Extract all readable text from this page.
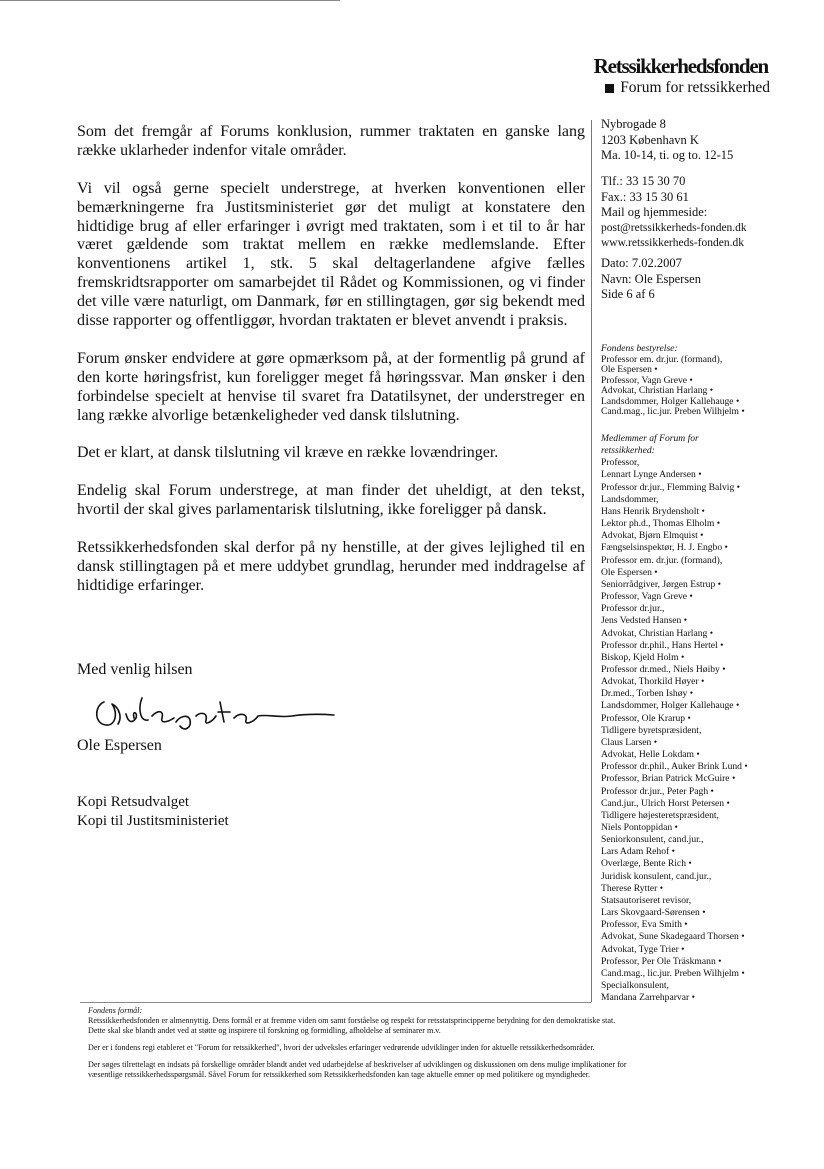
Retssikkerhedsfonden
Forum for retssikkerhed
Nybrogade 8
1203 København K
Ma. 10-14, ti. og to. 12-15
Tlf.: 33 15 30 70
Fax.: 33 15 30 61
Mail og hjemmeside:
post@retssikkerheds-fonden.dk
www.retssikkerheds-fonden.dk
Dato: 7.02.2007
Navn: Ole Espersen
Side 6 af 6
Fondens bestyrelse:
Professor em. dr.jur. (formand),
Ole Espersen •
Professor, Vagn Greve •
Advokat, Christian Harlang •
Landsdommer, Holger Kallehauge •
Cand.mag., lic.jur. Preben Wilhjelm •
Medlemmer af Forum for
retssikkerhed:
Professor,
Lennart Lynge Andersen •
Professor dr.jur., Flemming Balvig •
Landsdommer,
Hans Henrik Brydensholt •
Lektor ph.d., Thomas Elholm •
Advokat, Bjørn Elmquist •
Fængselsinspektør, H. J. Engbo •
Professor em. dr.jur. (formand),
Ole Espersen •
Seniorrådgiver, Jørgen Estrup •
Professor, Vagn Greve •
Professor dr.jur.,
Jens Vedsted Hansen •
Advokat, Christian Harlang •
Professor dr.phil., Hans Hertel •
Biskop, Kjeld Holm •
Professor dr.med., Niels Høiby •
Advokat, Thorkild Høyer •
Dr.med., Torben Ishøy •
Landsdommer, Holger Kallehauge •
Professor, Ole Krarup •
Tidligere byretspræsident,
Claus Larsen •
Advokat, Helle Lokdam •
Professor dr.phil., Auker Brink Lund •
Professor, Brian Patrick McGuire •
Professor dr.jur., Peter Pagh •
Cand.jur., Ulrich Horst Petersen •
Tidligere højesteretspræsident,
Niels Pontoppidan •
Seniorkonsulent, cand.jur.,
Lars Adam Rehof •
Overlæge, Bente Rich •
Juridisk konsulent, cand.jur.,
Therese Rytter •
Statsautoriseret revisor,
Lars Skovgaard-Sørensen •
Professor, Eva Smith •
Advokat, Sune Skadegaard Thorsen •
Advokat, Tyge Trier •
Professor, Per Ole Träskmann •
Cand.mag., lic.jur. Preben Wilhjelm •
Specialkonsulent,
Mandana Zarrehparvar •

Som det fremgår af Forums konklusion, rummer traktaten en ganske lang række uklarheder indenfor vitale områder.

Vi vil også gerne specielt understrege, at hverken konventionen eller bemærkningerne fra Justitsministeriet gør det muligt at konstatere den hidtidige brug af eller erfaringer i øvrigt med traktaten, som i et til to år har været gældende som traktat mellem en række medlemslande. Efter konventionens artikel 1, stk. 5 skal deltagerlandene afgive fælles fremskridtsrapporter om samarbejdet til Rådet og Kommissionen, og vi finder det ville være naturligt, om Danmark, før en stillingtagen, gør sig bekendt med disse rapporter og offentliggør, hvordan traktaten er blevet anvendt i praksis.

Forum ønsker endvidere at gøre opmærksom på, at der formentlig på grund af den korte høringsfrist, kun foreligger meget få høringssvar. Man ønsker i den forbindelse specielt at henvise til svaret fra Datatilsynet, der understreger en lang række alvorlige betænkeligheder ved dansk tilslutning.

Det er klart, at dansk tilslutning vil kræve en række lovændringer.

Endelig skal Forum understrege, at man finder det uheldigt, at den tekst, hvortil der skal gives parlamentarisk tilslutning, ikke foreligger på dansk.

Retssikkerhedsfonden skal derfor på ny henstille, at der gives lejlighed til en dansk stillingtagen på et mere uddybet grundlag, herunder med inddragelse af hidtidige erfaringer.

Med venlig hilsen
Ole Espersen
Kopi Retsudvalget
Kopi til Justitsministeriet
Fondens formål:

Retssikkerhedsfonden er almennyttig. Dens formål er at fremme viden om samt forståelse og respekt for retsstatsprincipperne betydning for den demokratiske stat.
Dette skal ske blandt andet ved at støtte og inspirere til forskning og formidling, afholdelse af seminarer m.v.

Der er i fondens regi etableret et "Forum for retssikkerhed", hvori der udveksles erfaringer vedrørende udviklinger inden for aktuelle retssikkerhedsområder.

Der søges tilrettelagt en indsats på forskellige områder blandt andet ved udarbejdelse af beskrivelser af udviklingen og diskussionen om dens mulige implikationer for
væsentlige retssikkerhedsspørgsmål. Såvel Forum for retssikkerhed som Retssikkerhedsfonden kan tage aktuelle emner op med politikere og myndigheder.
